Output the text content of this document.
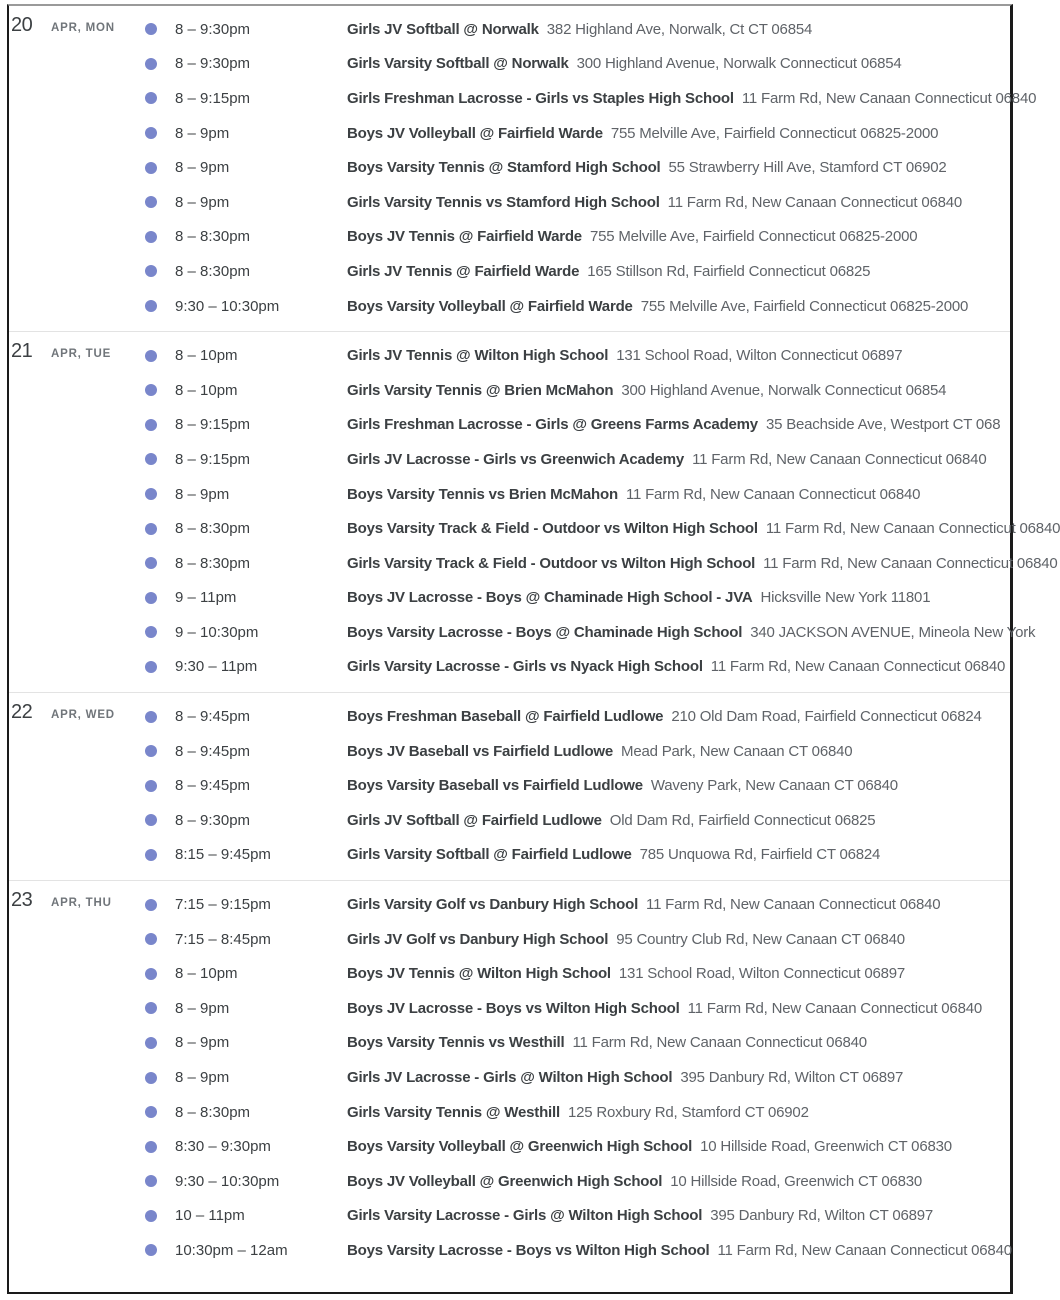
20	APR, MON	8 – 9:30pm	Girls JV Softball @ Norwalk 382 Highland Ave, Norwalk, Ct CT 06854
8 – 9:30pm	Girls Varsity Softball @ Norwalk 300 Highland Avenue, Norwalk Connecticut 06854
8 – 9:15pm	Girls Freshman Lacrosse - Girls vs Staples High School 11 Farm Rd, New Canaan Connecticut 06840
8 – 9pm	Boys JV Volleyball @ Fairfield Warde 755 Melville Ave, Fairfield Connecticut 06825-2000
8 – 9pm	Boys Varsity Tennis @ Stamford High School 55 Strawberry Hill Ave, Stamford CT 06902
8 – 9pm	Girls Varsity Tennis vs Stamford High School 11 Farm Rd, New Canaan Connecticut 06840
8 – 8:30pm	Boys JV Tennis @ Fairfield Warde 755 Melville Ave, Fairfield Connecticut 06825-2000
8 – 8:30pm	Girls JV Tennis @ Fairfield Warde 165 Stillson Rd, Fairfield Connecticut 06825
9:30 – 10:30pm	Boys Varsity Volleyball @ Fairfield Warde 755 Melville Ave, Fairfield Connecticut 06825-2000
21	APR, TUE	8 – 10pm	Girls JV Tennis @ Wilton High School 131 School Road, Wilton Connecticut 06897
8 – 10pm	Girls Varsity Tennis @ Brien McMahon 300 Highland Avenue, Norwalk Connecticut 06854
8 – 9:15pm	Girls Freshman Lacrosse - Girls @ Greens Farms Academy 35 Beachside Ave, Westport CT 068
8 – 9:15pm	Girls JV Lacrosse - Girls vs Greenwich Academy 11 Farm Rd, New Canaan Connecticut 06840
8 – 9pm	Boys Varsity Tennis vs Brien McMahon 11 Farm Rd, New Canaan Connecticut 06840
8 – 8:30pm	Boys Varsity Track & Field - Outdoor vs Wilton High School 11 Farm Rd, New Canaan Connecticut 06840
8 – 8:30pm	Girls Varsity Track & Field - Outdoor vs Wilton High School 11 Farm Rd, New Canaan Connecticut 06840
9 – 11pm	Boys JV Lacrosse - Boys @ Chaminade High School - JVA Hicksville New York 11801
9 – 10:30pm	Boys Varsity Lacrosse - Boys @ Chaminade High School 340 JACKSON AVENUE, Mineola New York
9:30 – 11pm	Girls Varsity Lacrosse - Girls vs Nyack High School 11 Farm Rd, New Canaan Connecticut 06840
22	APR, WED	8 – 9:45pm	Boys Freshman Baseball @ Fairfield Ludlowe 210 Old Dam Road, Fairfield Connecticut 06824
8 – 9:45pm	Boys JV Baseball vs Fairfield Ludlowe Mead Park, New Canaan CT 06840
8 – 9:45pm	Boys Varsity Baseball vs Fairfield Ludlowe Waveny Park, New Canaan CT 06840
8 – 9:30pm	Girls JV Softball @ Fairfield Ludlowe Old Dam Rd, Fairfield Connecticut 06825
8:15 – 9:45pm	Girls Varsity Softball @ Fairfield Ludlowe 785 Unquowa Rd, Fairfield CT 06824
23	APR, THU	7:15 – 9:15pm	Girls Varsity Golf vs Danbury High School 11 Farm Rd, New Canaan Connecticut 06840
7:15 – 8:45pm	Girls JV Golf vs Danbury High School 95 Country Club Rd, New Canaan CT 06840
8 – 10pm	Boys JV Tennis @ Wilton High School 131 School Road, Wilton Connecticut 06897
8 – 9pm	Boys JV Lacrosse - Boys vs Wilton High School 11 Farm Rd, New Canaan Connecticut 06840
8 – 9pm	Boys Varsity Tennis vs Westhill 11 Farm Rd, New Canaan Connecticut 06840
8 – 9pm	Girls JV Lacrosse - Girls @ Wilton High School 395 Danbury Rd, Wilton CT 06897
8 – 8:30pm	Girls Varsity Tennis @ Westhill 125 Roxbury Rd, Stamford CT 06902
8:30 – 9:30pm	Boys Varsity Volleyball @ Greenwich High School 10 Hillside Road, Greenwich CT 06830
9:30 – 10:30pm	Boys JV Volleyball @ Greenwich High School 10 Hillside Road, Greenwich CT 06830
10 – 11pm	Girls Varsity Lacrosse - Girls @ Wilton High School 395 Danbury Rd, Wilton CT 06897
10:30pm – 12am	Boys Varsity Lacrosse - Boys vs Wilton High School 11 Farm Rd, New Canaan Connecticut 06840
